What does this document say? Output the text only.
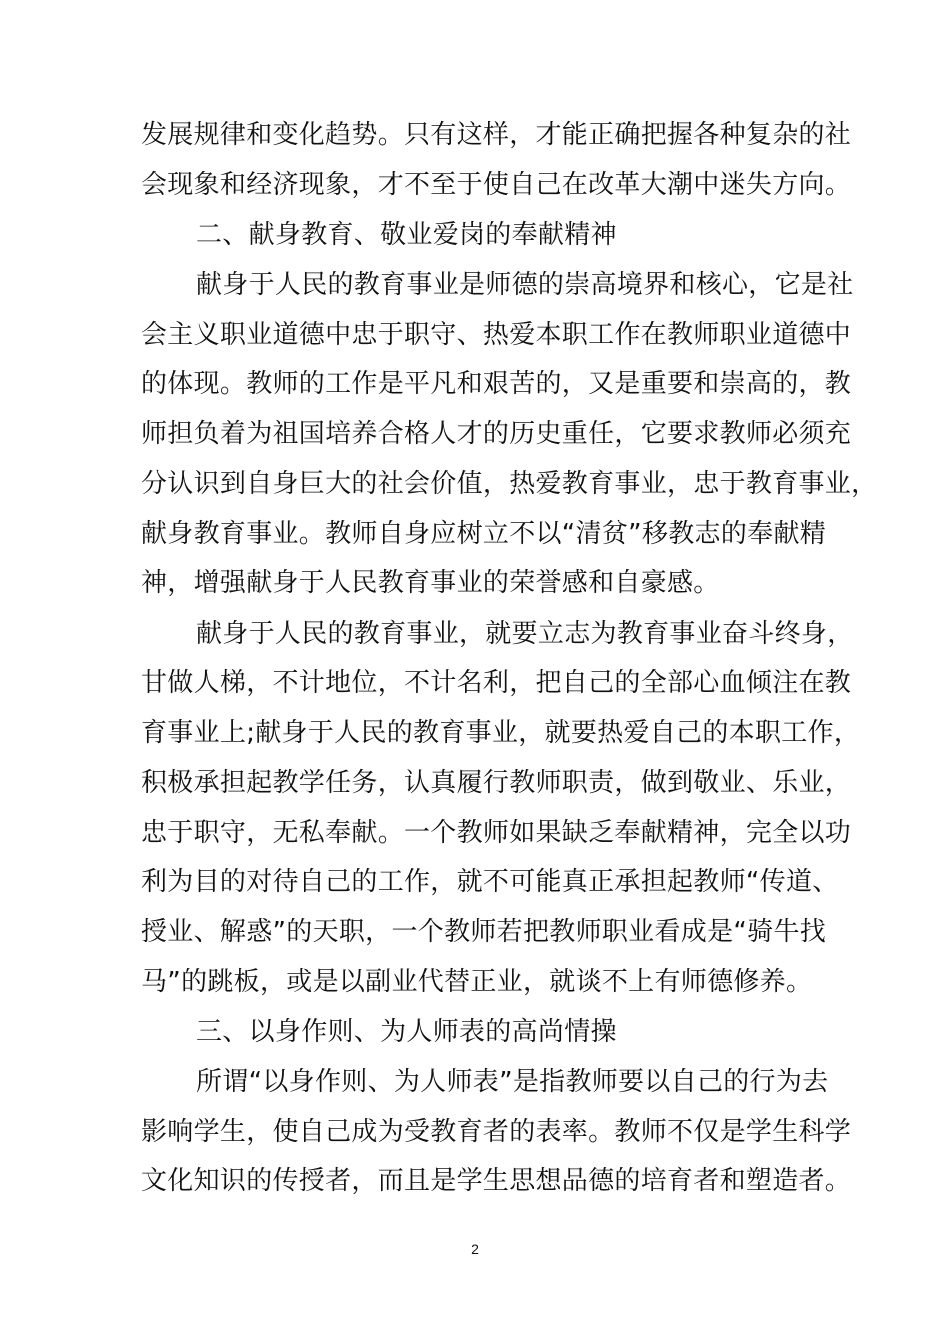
发展规律和变化趋势。只有这样，才能正确把握各种复杂的社
会现象和经济现象，才不至于使自己在改革大潮中迷失方向。
二、献身教育、敬业爱岗的奉献精神
献身于人民的教育事业是师德的崇高境界和核心，它是社
会主义职业道德中忠于职守、热爱本职工作在教师职业道德中
的体现。教师的工作是平凡和艰苦的，又是重要和崇高的，教
师担负着为祖国培养合格人才的历史重任，它要求教师必须充
分认识到自身巨大的社会价值，热爱教育事业，忠于教育事业，
献身教育事业。教师自身应树立不以“清贫”移教志的奉献精
神，增强献身于人民教育事业的荣誉感和自豪感。
献身于人民的教育事业，就要立志为教育事业奋斗终身，
甘做人梯，不计地位，不计名利，把自己的全部心血倾注在教
育事业上;献身于人民的教育事业，就要热爱自己的本职工作，
积极承担起教学任务，认真履行教师职责，做到敬业、乐业，
忠于职守，无私奉献。一个教师如果缺乏奉献精神，完全以功
利为目的对待自己的工作，就不可能真正承担起教师“传道、
授业、解惑”的天职，一个教师若把教师职业看成是“骑牛找
马”的跳板，或是以副业代替正业，就谈不上有师德修养。
三、以身作则、为人师表的高尚情操
所谓“以身作则、为人师表”是指教师要以自己的行为去
影响学生，使自己成为受教育者的表率。教师不仅是学生科学
文化知识的传授者，而且是学生思想品德的培育者和塑造者。
2
